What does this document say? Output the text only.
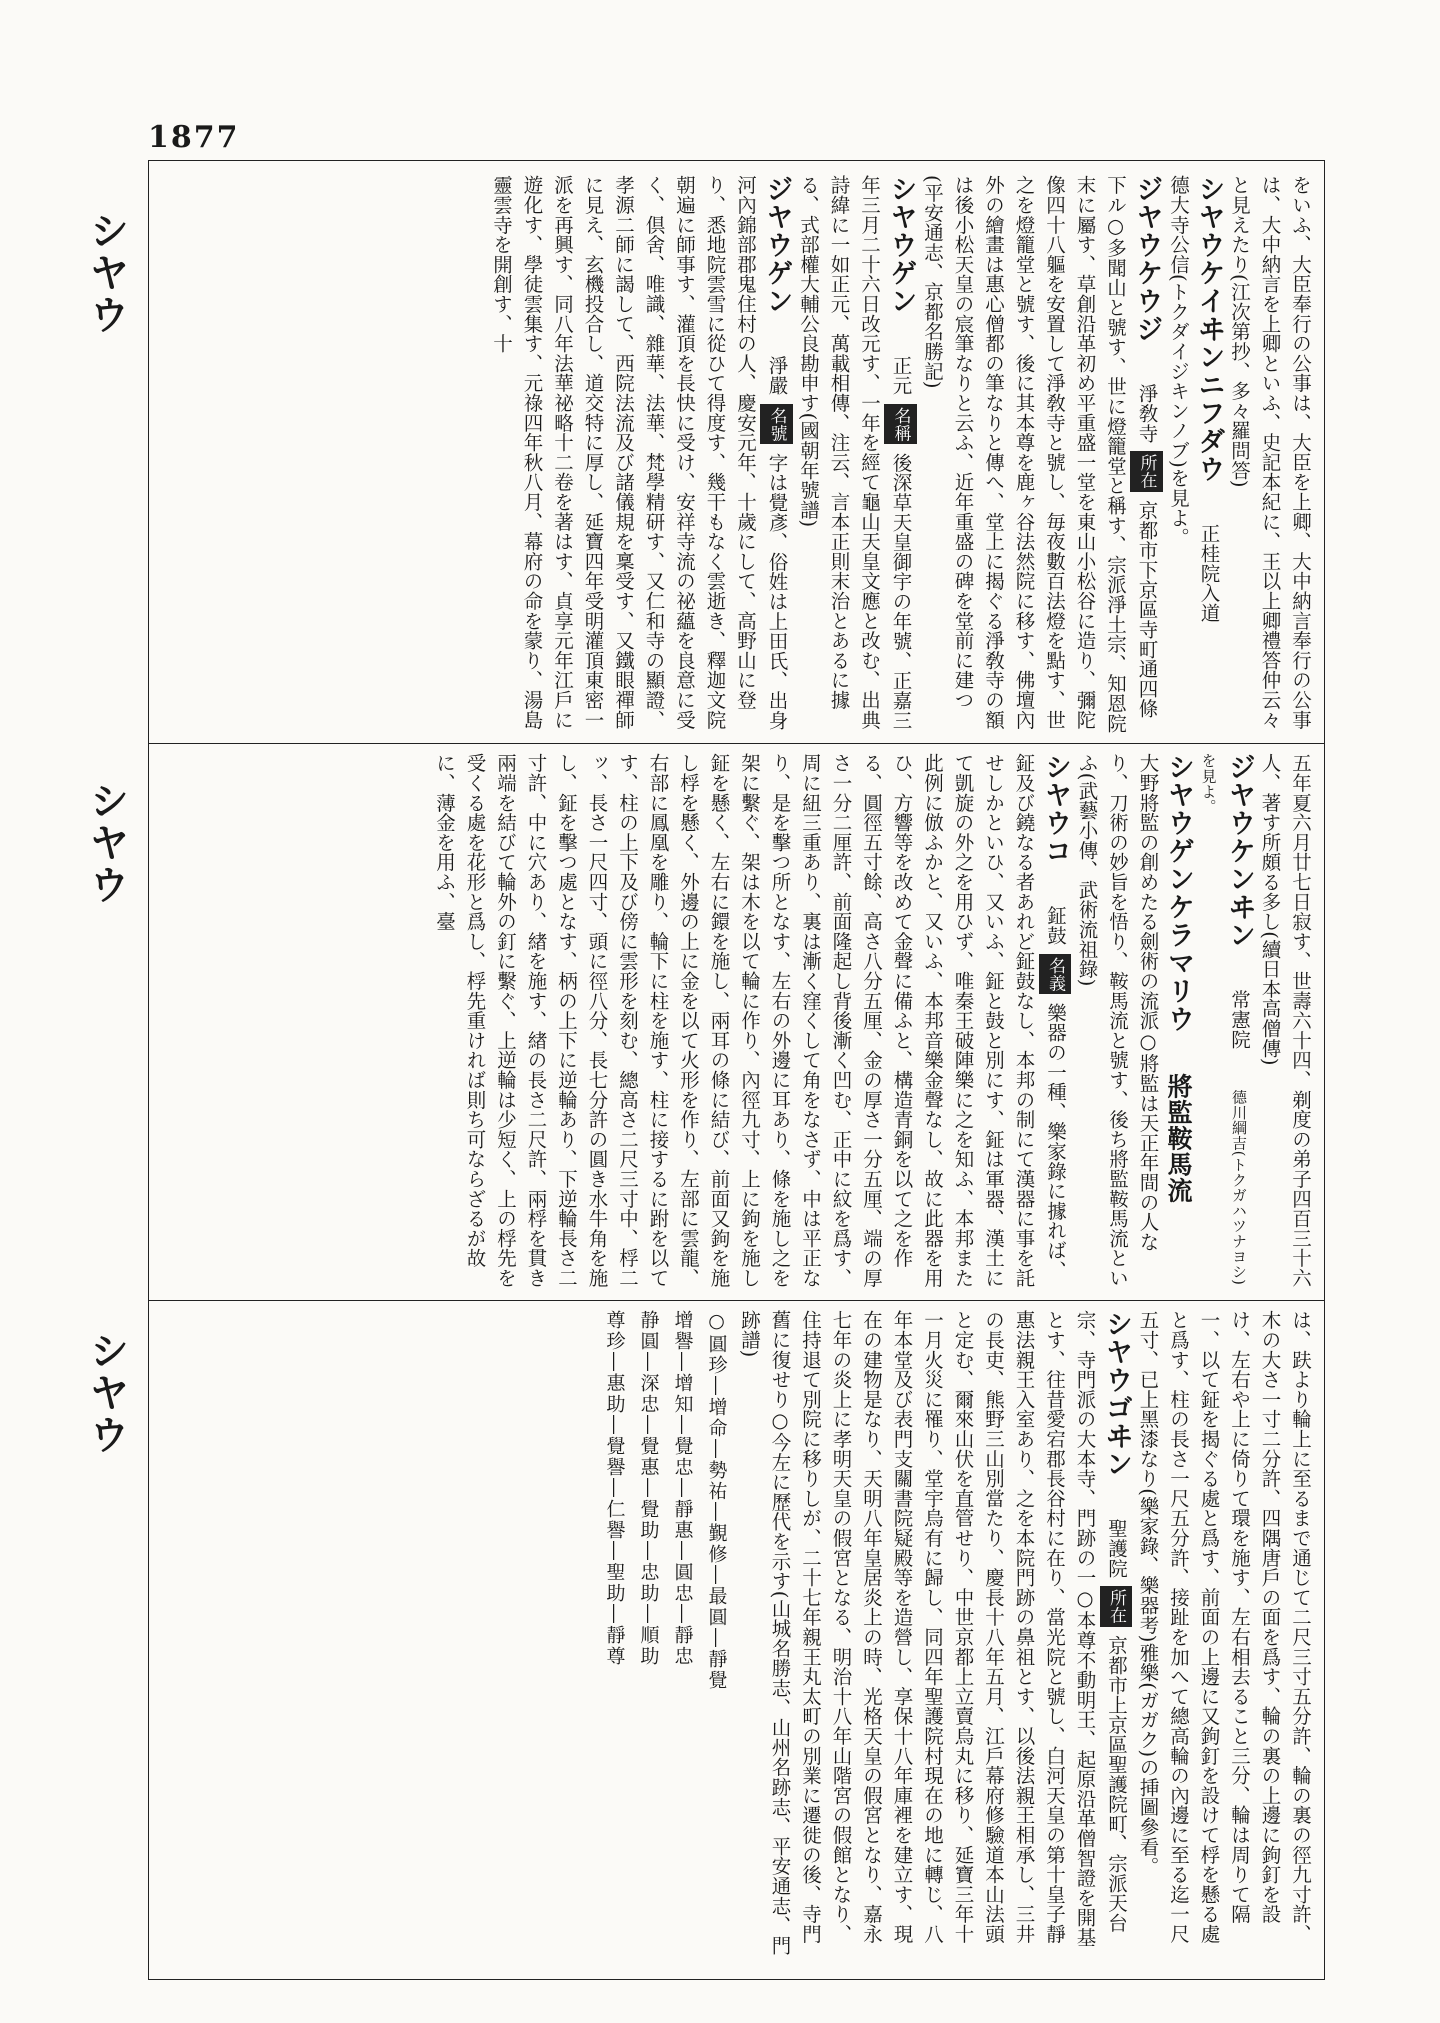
1877
シヤウ
シヤウ
シヤウ
をいふ、大臣奉行の公事は、大臣を上卿、大中納言奉行の公事は、大中納言を上卿といふ、史記本紀に、王以上卿禮答仲云々と見えたり(江次第抄、多々羅問答)
シヤウケイヰンニフダウ 正桂院入道
德大寺公信(トクダイジキンノブ)を見よ。
ジヤウケウジ 淨敎寺 所在 京都市下京區寺町通四條下ル○多聞山と號す、世に燈籠堂と稱す、宗派淨土宗、知恩院末に屬す、草創沿革初め平重盛一堂を東山小松谷に造り、彌陀像四十八軀を安置して淨敎寺と號し、毎夜數百法燈を點す、世之を燈籠堂と號す、後に其本尊を鹿ヶ谷法然院に移す、佛壇內外の繪畫は惠心僧都の筆なりと傳へ、堂上に揭ぐる淨敎寺の額は後小松天皇の宸筆なりと云ふ、近年重盛の碑を堂前に建つ(平安通志、京都名勝記)
シヤウゲン 正元 名稱 後深草天皇御宇の年號、正嘉三年三月二十六日改元す、一年を經て龜山天皇文應と改む、出典詩緯に一如正元、萬載相傳、注云、言本正則末治とあるに據る、式部權大輔公良勘申す(國朝年號譜)
ジヤウゲン 淨嚴 名號 字は覺彥、俗姓は上田氏、出身河內錦部郡鬼住村の人、慶安元年、十歲にして、高野山に登り、悉地院雲雪に從ひて得度す、幾干もなく雲逝き、釋迦文院朝遍に師事す、灌頂を長快に受け、安祥寺流の祕蘊を良意に受く、倶舍、唯識、雜華、法華、梵學精研す、又仁和寺の顯證、孝源二師に謁して、西院法流及び諸儀規を稟受す、又鐵眼禪師に見え、玄機投合し、道交特に厚し、延寶四年受明灌頂東密一派を再興す、同八年法華祕略十二卷を著はす、貞享元年江戶に遊化す、學徒雲集す、元祿四年秋八月、幕府の命を蒙り、湯島靈雲寺を開創す、十
五年夏六月廿七日寂す、世壽六十四、剃度の弟子四百三十六人、著す所頗る多し(續日本高僧傳)
ジヤウケンヰン 常憲院 德川綱吉(トクガハツナヨシ)を見よ。
シヤウゲンケラマリウ 將監鞍馬流
大野將監の創めたる劍術の流派○將監は天正年間の人なり、刀術の妙旨を悟り、鞍馬流と號す、後ち將監鞍馬流といふ(武藝小傳、武術流祖錄)
シヤウコ 鉦鼓 名義 樂器の一種、樂家錄に據れば、鉦及び鐃なる者あれど鉦鼓なし、本邦の制にて漢器に事を託せしかといひ、又いふ、鉦と鼓と別にす、鉦は軍器、漢土にて凱旋の外之を用ひず、唯秦王破陣樂に之を知ふ、本邦また此例に倣ふかと、又いふ、本邦音樂金聲なし、故に此器を用ひ、方響等を改めて金聲に備ふと、構造青銅を以て之を作る、圓徑五寸餘、高さ八分五厘、金の厚さ一分五厘、端の厚さ一分二厘許、前面隆起し背後漸く凹む、正中に紋を爲す、周に紐三重あり、裏は漸く窪くして角をなさず、中は平正なり、是を擊つ所となす、左右の外邊に耳あり、條を施し之を架に繫ぐ、架は木を以て輪に作り、內徑九寸、上に鉤を施し鉦を懸く、左右に鐶を施し、兩耳の條に結び、前面又鉤を施し桴を懸く、外邊の上に金を以て火形を作り、左部に雲龍、右部に鳳凰を雕り、輪下に柱を施す、柱に接するに跗を以てす、柱の上下及び傍に雲形を刻む、總高さ二尺三寸中、桴二ッ、長さ一尺四寸、頭に徑八分、長七分許の圓き水牛角を施し、鉦を擊つ處となす、柄の上下に逆輪あり、下逆輪長さ二寸許、中に穴あり、緖を施す、緖の長さ二尺許、兩桴を貫き兩端を結びて輪外の釘に繫ぐ、上逆輪は少短く、上の桴先を受くる處を花形と爲し、桴先重ければ則ち可ならざるが故に、薄金を用ふ、臺
は、趺より輪上に至るまで通じて二尺三寸五分許、輪の裏の徑九寸許、木の大さ一寸二分許、四隅唐戶の面を爲す、輪の裏の上邊に鉤釘を設け、左右や上に倚りて環を施す、左右相去ること三分、輪は周りて隔一、以て鉦を揭ぐる處と爲す、前面の上邊に又鉤釘を設けて桴を懸る處と爲す、柱の長さ一尺五分許、接趾を加へて總高輪の內邊に至る迄一尺五寸、已上黑漆なり(樂家錄、樂器考)雅樂(ガガク)の挿圖參看。
シヤウゴヰン 聖護院 所在 京都市上京區聖護院町、宗派天台宗、寺門派の大本寺、門跡の一○本尊不動明王、起原沿革僧智證を開基とす、往昔愛宕郡長谷村に在り、當光院と號し、白河天皇の第十皇子靜惠法親王入室あり、之を本院門跡の鼻祖とす、以後法親王相承し、三井の長吏、熊野三山別當たり、慶長十八年五月、江戶幕府修驗道本山法頭と定む、爾來山伏を直管せり、中世京都上立賣烏丸に移り、延寶三年十一月火災に罹り、堂宇烏有に歸し、同四年聖護院村現在の地に轉じ、八年本堂及び表門支關書院疑殿等を造營し、享保十八年庫裡を建立す、現在の建物是なり、天明八年皇居炎上の時、光格天皇の假宮となり、嘉永七年の炎上に孝明天皇の假宮となる、明治十八年山階宮の假館となり、住持退て別院に移りしが、二十七年親王丸太町の別業に遷徙の後、寺門舊に復せり○今左に歷代を示す(山城名勝志、山州名跡志、平安通志、門跡譜)
○圓珍―增命―勢祐―覲修―最圓―靜覺
增譽―增知―覺忠―靜惠―圓忠―靜忠
静圓―深忠―覺惠―覺助―忠助―順助
尊珍―惠助―覺譽―仁譽―聖助―靜尊
